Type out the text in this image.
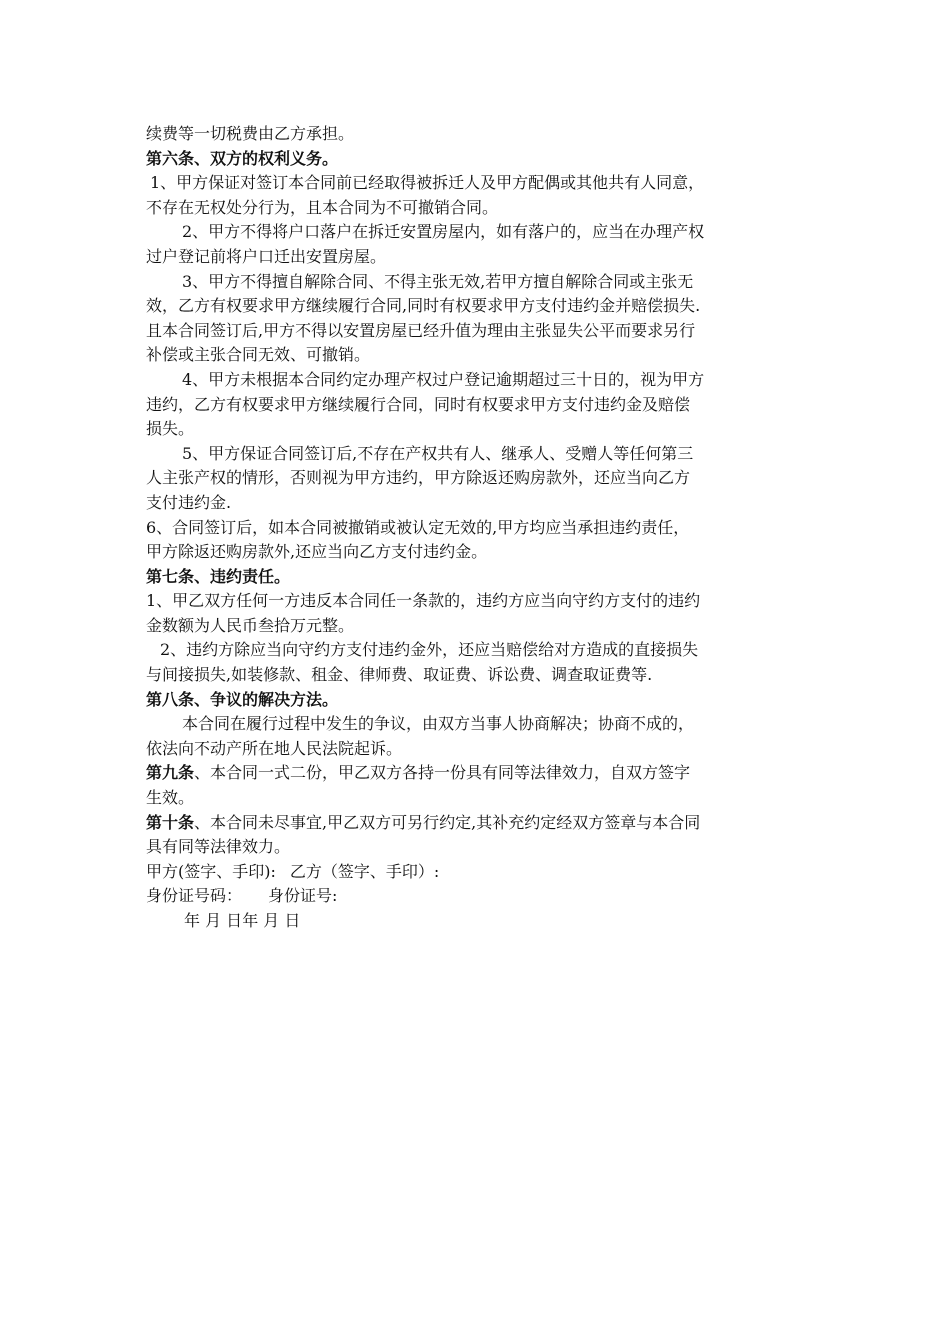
续费等一切税费由乙方承担。
第六条、双方的权利义务。
1、甲方保证对签订本合同前已经取得被拆迁人及甲方配偶或其他共有人同意，
不存在无权处分行为，且本合同为不可撤销合同。
2、甲方不得将户口落户在拆迁安置房屋内，如有落户的，应当在办理产权
过户登记前将户口迁出安置房屋。
3、甲方不得擅自解除合同、不得主张无效,若甲方擅自解除合同或主张无
效，乙方有权要求甲方继续履行合同,同时有权要求甲方支付违约金并赔偿损失.
且本合同签订后,甲方不得以安置房屋已经升值为理由主张显失公平而要求另行
补偿或主张合同无效、可撤销。
4、甲方未根据本合同约定办理产权过户登记逾期超过三十日的，视为甲方
违约，乙方有权要求甲方继续履行合同，同时有权要求甲方支付违约金及赔偿
损失。
5、甲方保证合同签订后,不存在产权共有人、继承人、受赠人等任何第三
人主张产权的情形，否则视为甲方违约，甲方除返还购房款外，还应当向乙方
支付违约金.
6、合同签订后，如本合同被撤销或被认定无效的,甲方均应当承担违约责任，
甲方除返还购房款外,还应当向乙方支付违约金。
第七条、违约责任。
1、甲乙双方任何一方违反本合同任一条款的，违约方应当向守约方支付的违约
金数额为人民币叁拾万元整。
2、违约方除应当向守约方支付违约金外，还应当赔偿给对方造成的直接损失
与间接损失,如装修款、租金、律师费、取证费、诉讼费、调查取证费等.
第八条、争议的解决方法。
本合同在履行过程中发生的争议，由双方当事人协商解决；协商不成的，
依法向不动产所在地人民法院起诉。
第九条、本合同一式二份，甲乙双方各持一份具有同等法律效力，自双方签字
生效。
第十条、本合同未尽事宜,甲乙双方可另行约定,其补充约定经双方签章与本合同
具有同等法律效力。
甲方(签字、手印): 乙方（签字、手印）:
身份证号码： 身份证号:
年 月 日年 月 日
